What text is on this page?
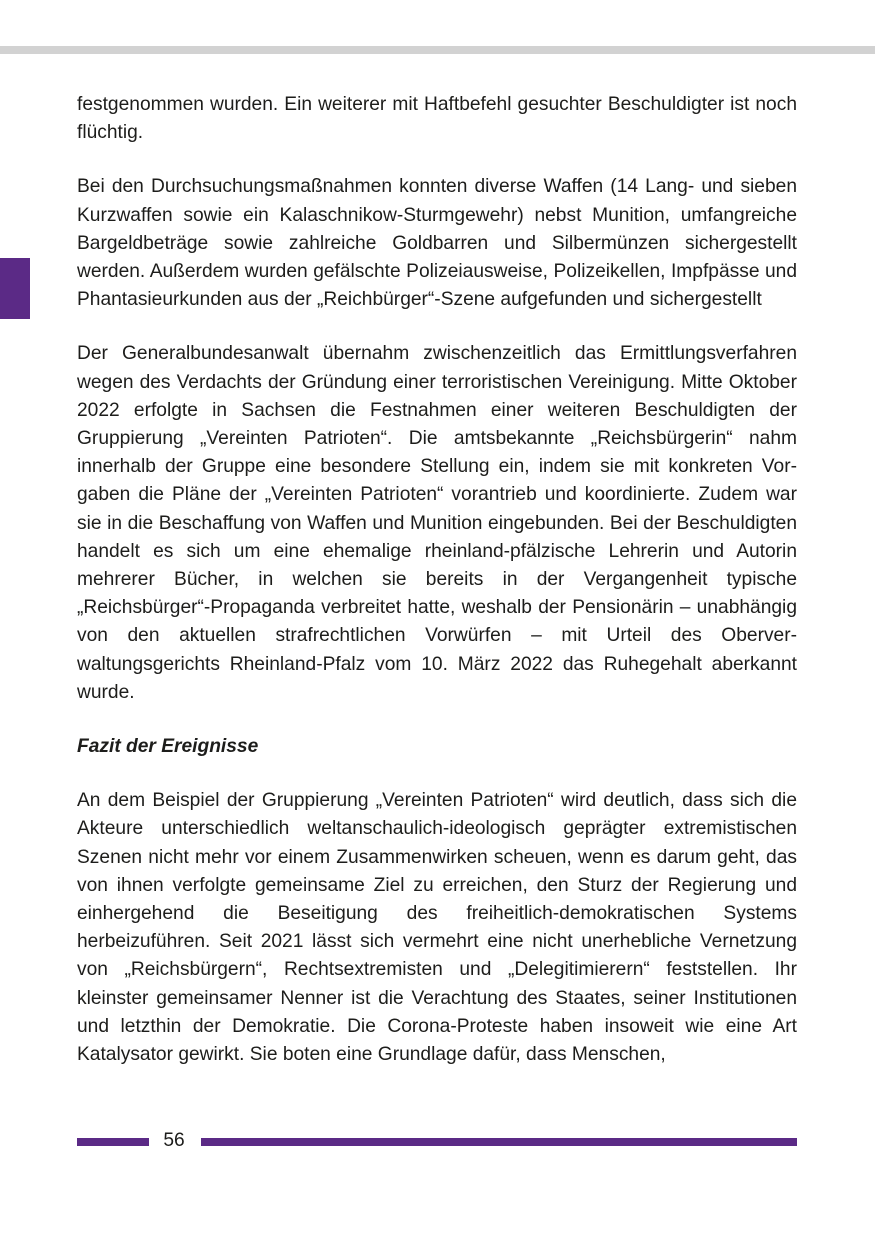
festgenommen wurden. Ein weiterer mit Haftbefehl gesuchter Beschuldigter ist noch flüchtig.

Bei den Durchsuchungsmaßnahmen konnten diverse Waffen (14 Lang- und sieben Kurzwaffen sowie ein Kalaschnikow-Sturmgewehr) nebst Munition, umfangreiche Bargeldbeträge sowie zahlreiche Goldbarren und Silbermünzen sichergestellt werden. Außerdem wurden gefälschte Polizeiausweise, Polizeikellen, Impfpässe und Phantasieurkunden aus der „Reichbürger“-Szene aufgefunden und sichergestellt

Der Generalbundesanwalt übernahm zwischenzeitlich das Ermittlungsverfahren wegen des Verdachts der Gründung einer terroristischen Vereinigung. Mitte Oktober 2022 erfolgte in Sachsen die Festnahmen einer weiteren Beschuldigten der Gruppierung „Vereinten Patrioten“. Die amtsbekannte „Reichsbürgerin“ nahm innerhalb der Gruppe eine besondere Stellung ein, indem sie mit konkreten Vorgaben die Pläne der „Vereinten Patrioten“ vorantrieb und koordinierte. Zudem war sie in die Beschaffung von Waffen und Munition eingebunden. Bei der Beschuldigten handelt es sich um eine ehemalige rheinland-pfälzische Lehrerin und Autorin mehrerer Bücher, in welchen sie bereits in der Vergangenheit typische „Reichsbürger“-Propaganda verbreitet hatte, weshalb der Pensionärin – unabhängig von den aktuellen strafrechtlichen Vorwürfen – mit Urteil des Oberverwaltungsgerichts Rheinland-Pfalz vom 10. März 2022 das Ruhegehalt aberkannt wurde.

Fazit der Ereignisse

An dem Beispiel der Gruppierung „Vereinten Patrioten“ wird deutlich, dass sich die Akteure unterschiedlich weltanschaulich-ideologisch geprägter extremistischen Szenen nicht mehr vor einem Zusammenwirken scheuen, wenn es darum geht, das von ihnen verfolgte gemeinsame Ziel zu erreichen, den Sturz der Regierung und einhergehend die Beseitigung des freiheitlich-demokratischen Systems herbeizuführen. Seit 2021 lässt sich vermehrt eine nicht unerhebliche Vernetzung von „Reichsbürgern“, Rechtsextremisten und „Delegitimierern“ feststellen. Ihr kleinster gemeinsamer Nenner ist die Verachtung des Staates, seiner Institutionen und letzthin der Demokratie. Die Corona-Proteste haben insoweit wie eine Art Katalysator gewirkt. Sie boten eine Grundlage dafür, dass Menschen,

56
